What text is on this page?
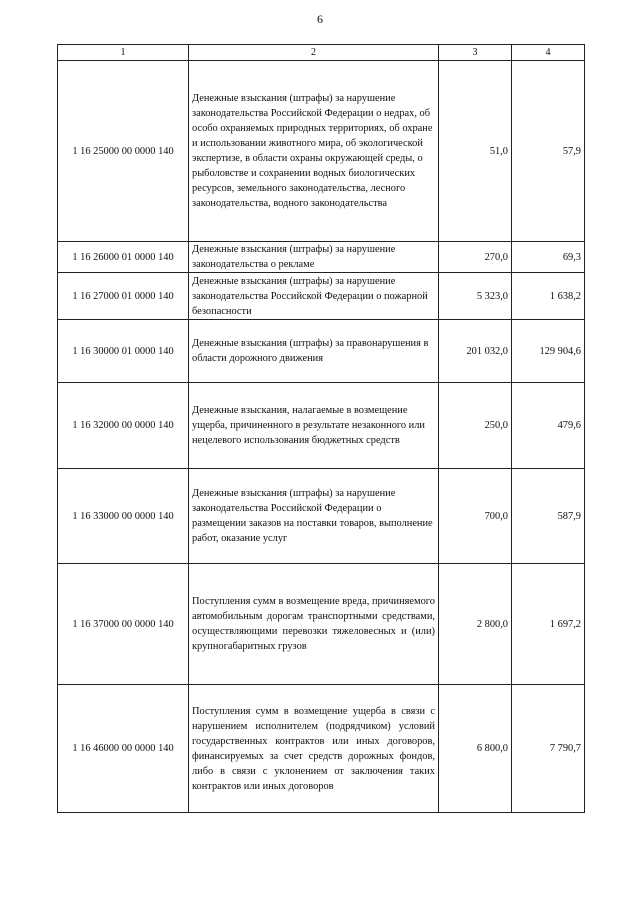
6
1	2	3	4
1 16 25000 00 0000 140	Денежные взыскания (штрафы) за нарушение законодательства Российской Федерации о недрах, об особо охраняемых природных территориях, об охране и использовании животного мира, об экологической экспертизе, в области охраны окружающей среды, о рыболовстве и сохранении водных биологических ресурсов, земельного законодательства, лесного законодательства, водного законодательства	51,0	57,9
1 16 26000 01 0000 140	Денежные взыскания (штрафы) за нарушение законодательства о рекламе	270,0	69,3
1 16 27000 01 0000 140	Денежные взыскания (штрафы) за нарушение законодательства Российской Федерации о пожарной безопасности	5 323,0	1 638,2
1 16 30000 01 0000 140	Денежные взыскания (штрафы) за правонарушения в области дорожного движения	201 032,0	129 904,6
1 16 32000 00 0000 140	Денежные взыскания, налагаемые в возмещение ущерба, причиненного в результате незаконного или нецелевого использования бюджетных средств	250,0	479,6
1 16 33000 00 0000 140	Денежные взыскания (штрафы) за нарушение законодательства Российской Федерации о размещении заказов на поставки товаров, выполнение работ, оказание услуг	700,0	587,9
1 16 37000 00 0000 140	Поступления сумм в возмещение вреда, причиняемого автомобильным дорогам транспортными средствами, осуществляющими перевозки тяжеловесных и (или) крупногабаритных грузов	2 800,0	1 697,2
1 16 46000 00 0000 140	Поступления сумм в возмещение ущерба в связи с нарушением исполнителем (подрядчиком) условий государственных контрактов или иных договоров, финансируемых за счет средств дорожных фондов, либо в связи с уклонением от заключения таких контрактов или иных договоров	6 800,0	7 790,7
